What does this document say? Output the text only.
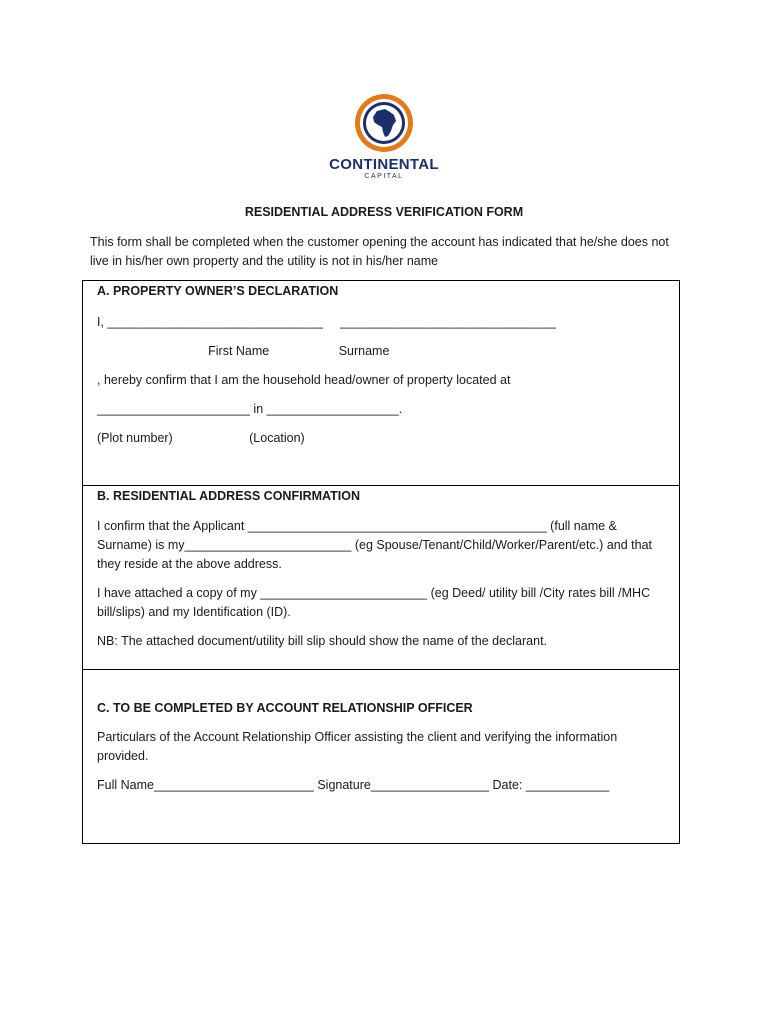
CONTINENTAL
CAPITAL
RESIDENTIAL ADDRESS VERIFICATION FORM
This form shall be completed when the customer opening the account has indicated that he/she does not live in his/her own property and the utility is not in his/her name
A. PROPERTY OWNER’S DECLARATION
I, _______________________________     _______________________________
First Name                    Surname
, hereby confirm that I am the household head/owner of property located at
______________________ in ___________________.
(Plot number)                      (Location)
B. RESIDENTIAL ADDRESS CONFIRMATION
I confirm that the Applicant ___________________________________________ (full name & Surname) is my________________________ (eg Spouse/Tenant/Child/Worker/Parent/etc.) and that they reside at the above address.
I have attached a copy of my ________________________ (eg Deed/ utility bill /City rates bill /MHC bill/slips) and my Identification (ID).
NB: The attached document/utility bill slip should show the name of the declarant.
C. TO BE COMPLETED BY ACCOUNT RELATIONSHIP OFFICER
Particulars of the Account Relationship Officer assisting the client and verifying the information provided.
Full Name_______________________ Signature_________________ Date: ____________
